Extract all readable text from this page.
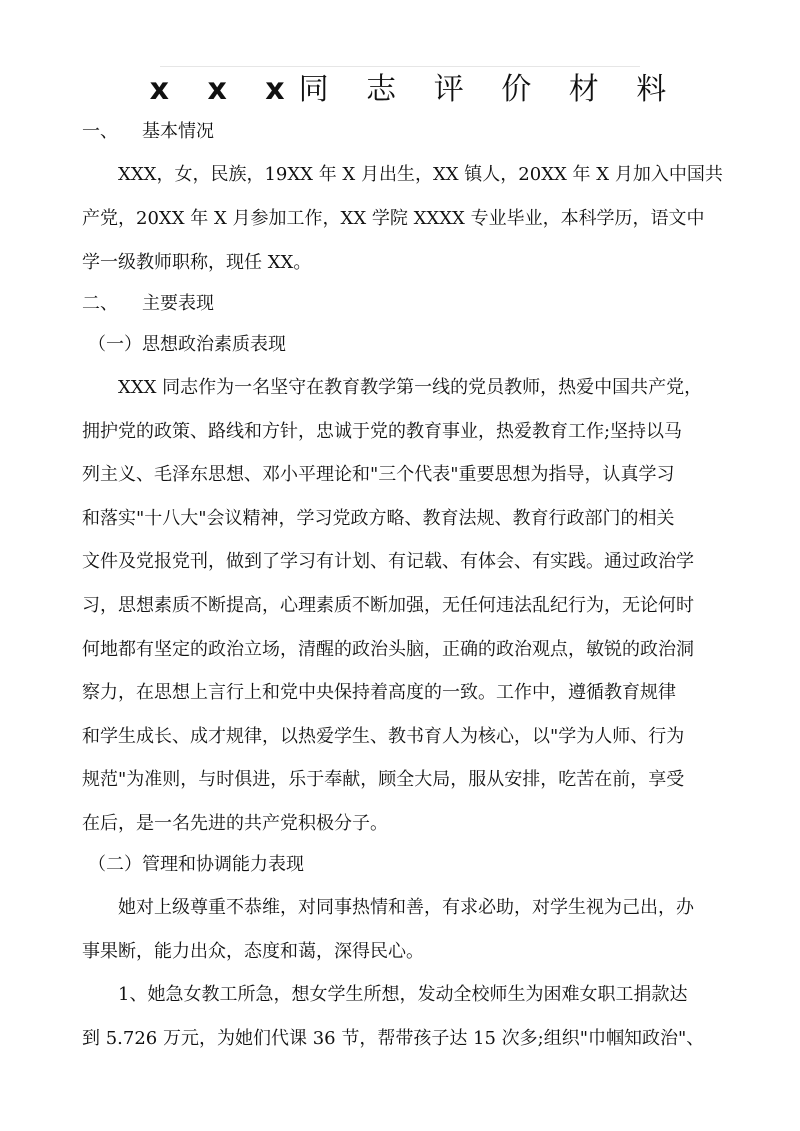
x x x同 志 评 价 材 料
一、 基本情况
XXX，女，民族，19XX 年 X 月出生，XX 镇人，20XX 年 X 月加入中国共
产党，20XX 年 X 月参加工作，XX 学院 XXXX 专业毕业，本科学历，语文中
学一级教师职称，现任 XX。
二、 主要表现
（一）思想政治素质表现
XXX 同志作为一名坚守在教育教学第一线的党员教师，热爱中国共产党，
拥护党的政策、路线和方针，忠诚于党的教育事业，热爱教育工作;坚持以马
列主义、毛泽东思想、邓小平理论和"三个代表"重要思想为指导，认真学习
和落实"十八大"会议精神，学习党政方略、教育法规、教育行政部门的相关
文件及党报党刊，做到了学习有计划、有记载、有体会、有实践。通过政治学
习，思想素质不断提高，心理素质不断加强，无任何违法乱纪行为，无论何时
何地都有坚定的政治立场，清醒的政治头脑，正确的政治观点，敏锐的政治洞
察力，在思想上言行上和党中央保持着高度的一致。工作中，遵循教育规律
和学生成长、成才规律，以热爱学生、教书育人为核心，以"学为人师、行为
规范"为准则，与时俱进，乐于奉献，顾全大局，服从安排，吃苦在前，享受
在后，是一名先进的共产党积极分子。
（二）管理和协调能力表现
她对上级尊重不恭维，对同事热情和善，有求必助，对学生视为己出，办
事果断，能力出众，态度和蔼，深得民心。
1、她急女教工所急，想女学生所想，发动全校师生为困难女职工捐款达
到 5.726 万元，为她们代课 36 节，帮带孩子达 15 次多;组织"巾帼知政治"、
